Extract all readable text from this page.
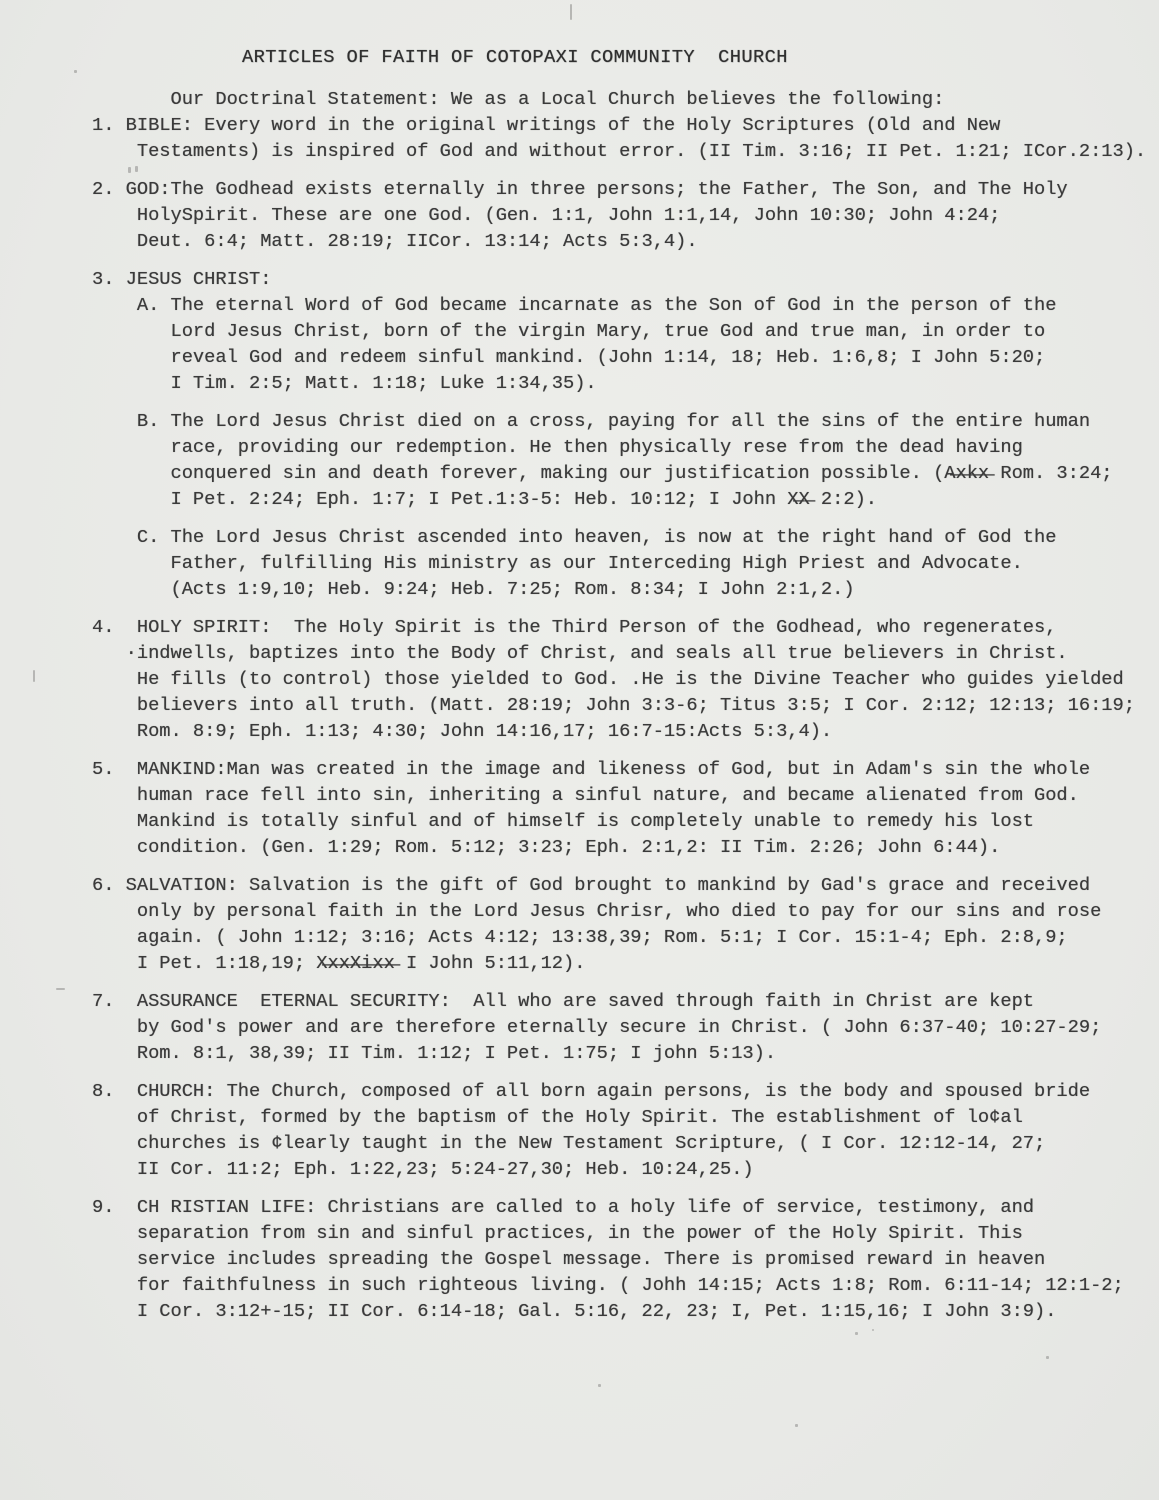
ARTICLES OF FAITH OF COTOPAXI COMMUNITY  CHURCH
Our Doctrinal Statement: We as a Local Church believes the following:
1. BIBLE: Every word in the original writings of the Holy Scriptures (Old and New
Testaments) is inspired of God and without error. (II Tim. 3:16; II Pet. 1:21; ICor.2:13).
2. GOD:The Godhead exists eternally in three persons; the Father, The Son, and The Holy
HolySpirit. These are one God. (Gen. 1:1, John 1:1,14, John 10:30; John 4:24;
Deut. 6:4; Matt. 28:19; IICor. 13:14; Acts 5:3,4).
3. JESUS CHRIST:
A. The eternal Word of God became incarnate as the Son of God in the person of the
Lord Jesus Christ, born of the virgin Mary, true God and true man, in order to
reveal God and redeem sinful mankind. (John 1:14, 18; Heb. 1:6,8; I John 5:20;
I Tim. 2:5; Matt. 1:18; Luke 1:34,35).
B. The Lord Jesus Christ died on a cross, paying for all the sins of the entire human
race, providing our redemption. He then physically rese from the dead having
conquered sin and death forever, making our justification possible. (A̶x̶k̶x̶ Rom. 3:24;
I Pet. 2:24; Eph. 1:7; I Pet.1:3-5: Heb. 10:12; I John X̶X̶ 2:2).
C. The Lord Jesus Christ ascended into heaven, is now at the right hand of God the
Father, fulfilling His ministry as our Interceding High Priest and Advocate.
(Acts 1:9,10; Heb. 9:24; Heb. 7:25; Rom. 8:34; I John 2:1,2.)
4.  HOLY SPIRIT:  The Holy Spirit is the Third Person of the Godhead, who regenerates,
·indwells, baptizes into the Body of Christ, and seals all true believers in Christ.
He fills (to control) those yielded to God. .He is the Divine Teacher who guides yielded
believers into all truth. (Matt. 28:19; John 3:3-6; Titus 3:5; I Cor. 2:12; 12:13; 16:19;
Rom. 8:9; Eph. 1:13; 4:30; John 14:16,17; 16:7-15:Acts 5:3,4).
5.  MANKIND:Man was created in the image and likeness of God, but in Adam's sin the whole
human race fell into sin, inheriting a sinful nature, and became alienated from God.
Mankind is totally sinful and of himself is completely unable to remedy his lost
condition. (Gen. 1:29; Rom. 5:12; 3:23; Eph. 2:1,2: II Tim. 2:26; John 6:44).
6. SALVATION: Salvation is the gift of God brought to mankind by Gad's grace and received
only by personal faith in the Lord Jesus Chrisr, who died to pay for our sins and rose
again. ( John 1:12; 3:16; Acts 4:12; 13:38,39; Rom. 5:1; I Cor. 15:1-4; Eph. 2:8,9;
I Pet. 1:18,19; X̶x̶x̶X̶i̶x̶x̶ I John 5:11,12).
7.  ASSURANCE  ETERNAL SECURITY:  All who are saved through faith in Christ are kept
by God's power and are therefore eternally secure in Christ. ( John 6:37-40; 10:27-29;
Rom. 8:1, 38,39; II Tim. 1:12; I Pet. 1:75; I john 5:13).
8.  CHURCH: The Church, composed of all born again persons, is the body and spoused bride
of Christ, formed by the baptism of the Holy Spirit. The establishment of lo¢al
churches is ¢learly taught in the New Testament Scripture, ( I Cor. 12:12-14, 27;
II Cor. 11:2; Eph. 1:22,23; 5:24-27,30; Heb. 10:24,25.)
9.  CH RISTIAN LIFE: Christians are called to a holy life of service, testimony, and
separation from sin and sinful practices, in the power of the Holy Spirit. This
service includes spreading the Gospel message. There is promised reward in heaven
for faithfulness in such righteous living. ( Johh 14:15; Acts 1:8; Rom. 6:11-14; 12:1-2;
I Cor. 3:12+-15; II Cor. 6:14-18; Gal. 5:16, 22, 23; I, Pet. 1:15,16; I John 3:9).
